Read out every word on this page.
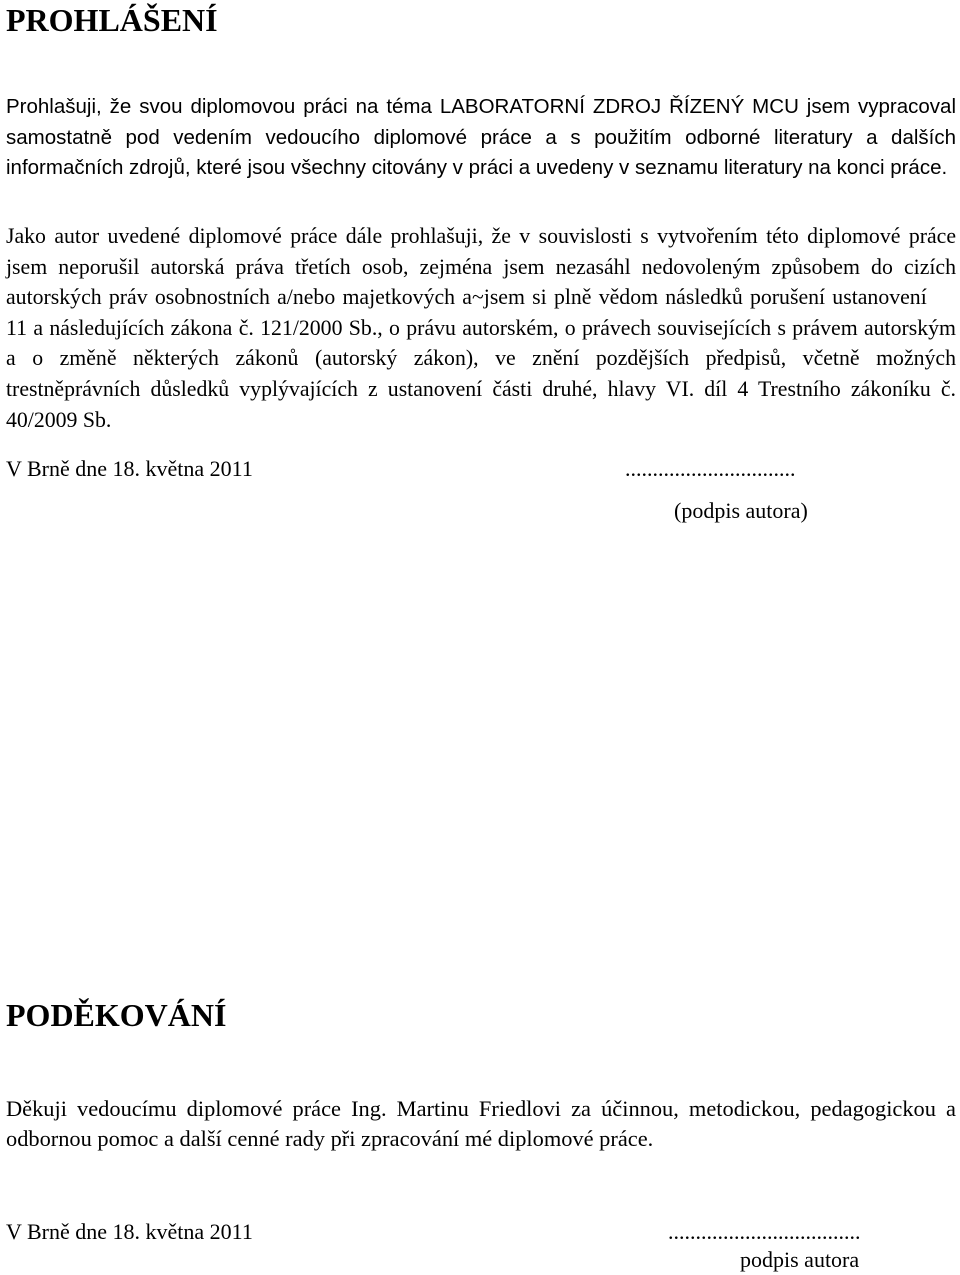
PROHLÁŠENÍ

Prohlašuji, že svou diplomovou práci na téma LABORATORNÍ ZDROJ ŘÍZENÝ MCU jsem vypracoval samostatně pod vedením vedoucího diplomové práce a s použitím odborné literatury a dalších informačních zdrojů, které jsou všechny citovány v práci a uvedeny v seznamu literatury na konci práce.

Jako autor uvedené diplomové práce dále prohlašuji, že v souvislosti s vytvořením této diplomové práce jsem neporušil autorská práva třetích osob, zejména jsem nezasáhl nedovoleným způsobem do cizích autorských práv osobnostních a/nebo majetkových a~jsem si plně vědom následků porušení ustanovení   11 a následujících zákona č. 121/2000 Sb., o právu autorském, o právech souvisejících s právem autorským a o změně některých zákonů (autorský zákon), ve znění pozdějších předpisů, včetně možných trestněprávních důsledků vyplývajících z ustanovení části druhé, hlavy VI. díl 4 Trestního zákoníku č. 40/2009 Sb.

V Brně dne 18. května 2011	...............................
(podpis autora)
PODĚKOVÁNÍ

Děkuji vedoucímu diplomové práce Ing. Martinu Friedlovi za účinnou, metodickou, pedagogickou a odbornou pomoc a další cenné rady při zpracování mé diplomové práce.

V Brně dne 18. května 2011	...................................
podpis autora
